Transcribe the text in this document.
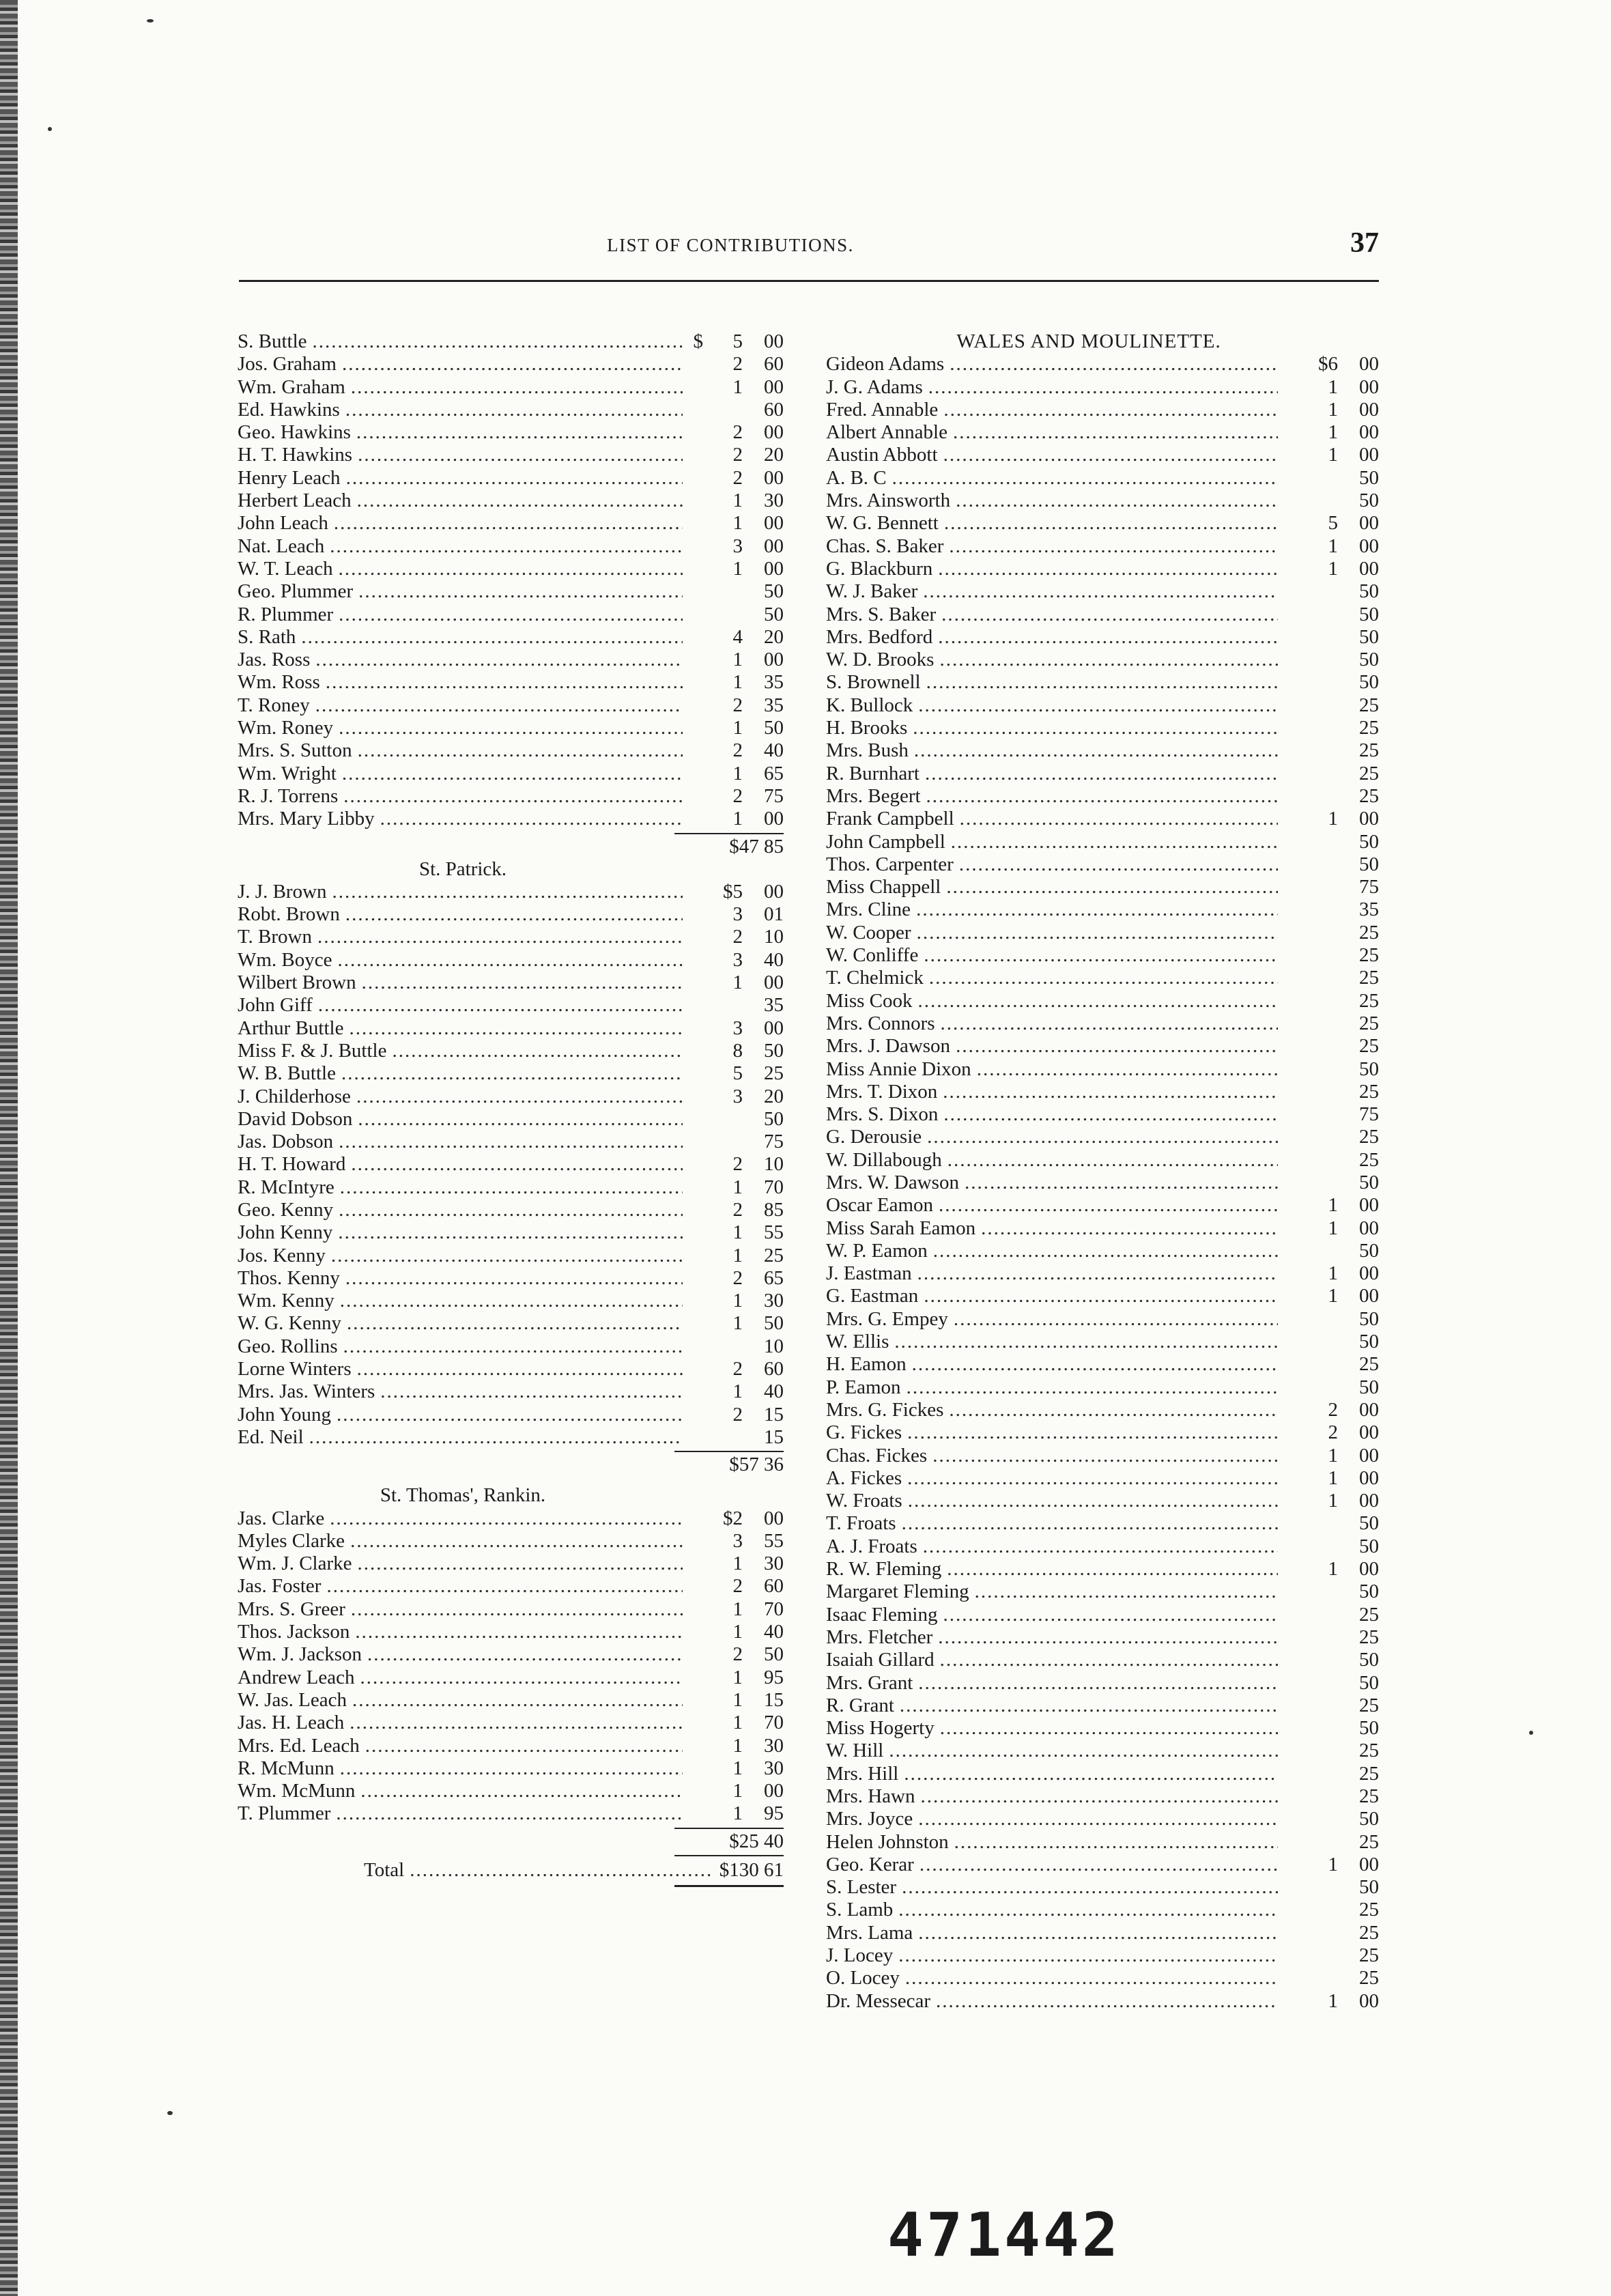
LIST OF CONTRIBUTIONS.	37
S. Buttle .....	$	5	00
Jos. Graham .....	2	60
Wm. Graham .....	1	00
Ed. Hawkins .....	60
Geo. Hawkins .....	2	00
H. T. Hawkins .....	2	20
Henry Leach .....	2	00
Herbert Leach .....	1	30
John Leach .....	1	00
Nat. Leach .....	3	00
W. T. Leach .....	1	00
Geo. Plummer .....	50
R. Plummer .....	50
S. Rath .....	4	20
Jas. Ross .....	1	00
Wm. Ross .....	1	35
T. Roney .....	2	35
Wm. Roney .....	1	50
Mrs. S. Sutton .....	2	40
Wm. Wright .....	1	65
R. J. Torrens .....	2	75
Mrs. Mary Libby .....	1	00
$47 85
St. Patrick.
J. J. Brown .....	$5	00
Robt. Brown .....	3	01
T. Brown .....	2	10
Wm. Boyce .....	3	40
Wilbert Brown .....	1	00
John Giff .....	35
Arthur Buttle .....	3	00
Miss F. & J. Buttle .....	8	50
W. B. Buttle .....	5	25
J. Childerhose .....	3	20
David Dobson .....	50
Jas. Dobson .....	75
H. T. Howard .....	2	10
R. McIntyre .....	1	70
Geo. Kenny .....	2	85
John Kenny .....	1	55
Jos. Kenny .....	1	25
Thos. Kenny .....	2	65
Wm. Kenny .....	1	30
W. G. Kenny .....	1	50
Geo. Rollins .....	10
Lorne Winters .....	2	60
Mrs. Jas. Winters .....	1	40
John Young .....	2	15
Ed. Neil .....	15
$57 36
St. Thomas', Rankin.
Jas. Clarke .....	$2	00
Myles Clarke .....	3	55
Wm. J. Clarke .....	1	30
Jas. Foster .....	2	60
Mrs. S. Greer .....	1	70
Thos. Jackson .....	1	40
Wm. J. Jackson .....	2	50
Andrew Leach .....	1	95
W. Jas. Leach .....	1	15
Jas. H. Leach .....	1	70
Mrs. Ed. Leach .....	1	30
R. McMunn .....	1	30
Wm. McMunn .....	1	00
T. Plummer .....	1	95
$25 40
Total .....	$130 61
WALES AND MOULINETTE.
Gideon Adams .....	$6	00
J. G. Adams .....	1	00
Fred. Annable .....	1	00
Albert Annable .....	1	00
Austin Abbott .....	1	00
A. B. C .....	50
Mrs. Ainsworth .....	50
W. G. Bennett .....	5	00
Chas. S. Baker .....	1	00
G. Blackburn .....	1	00
W. J. Baker .....	50
Mrs. S. Baker .....	50
Mrs. Bedford .....	50
W. D. Brooks .....	50
S. Brownell .....	50
K. Bullock .....	25
H. Brooks .....	25
Mrs. Bush .....	25
R. Burnhart .....	25
Mrs. Begert .....	25
Frank Campbell .....	1	00
John Campbell .....	50
Thos. Carpenter .....	50
Miss Chappell .....	75
Mrs. Cline .....	35
W. Cooper .....	25
W. Conliffe .....	25
T. Chelmick .....	25
Miss Cook .....	25
Mrs. Connors .....	25
Mrs. J. Dawson .....	25
Miss Annie Dixon .....	50
Mrs. T. Dixon .....	25
Mrs. S. Dixon .....	75
G. Derousie .....	25
W. Dillabough .....	25
Mrs. W. Dawson .....	50
Oscar Eamon .....	1	00
Miss Sarah Eamon .....	1	00
W. P. Eamon .....	50
J. Eastman .....	1	00
G. Eastman .....	1	00
Mrs. G. Empey .....	50
W. Ellis .....	50
H. Eamon .....	25
P. Eamon .....	50
Mrs. G. Fickes .....	2	00
G. Fickes .....	2	00
Chas. Fickes .....	1	00
A. Fickes .....	1	00
W. Froats .....	1	00
T. Froats .....	50
A. J. Froats .....	50
R. W. Fleming .....	1	00
Margaret Fleming .....	50
Isaac Fleming .....	25
Mrs. Fletcher .....	25
Isaiah Gillard .....	50
Mrs. Grant .....	50
R. Grant .....	25
Miss Hogerty .....	50
W. Hill .....	25
Mrs. Hill .....	25
Mrs. Hawn .....	25
Mrs. Joyce .....	50
Helen Johnston .....	25
Geo. Kerar .....	1	00
S. Lester .....	50
S. Lamb .....	25
Mrs. Lama .....	25
J. Locey .....	25
O. Locey .....	25
Dr. Messecar .....	1	00
471442
